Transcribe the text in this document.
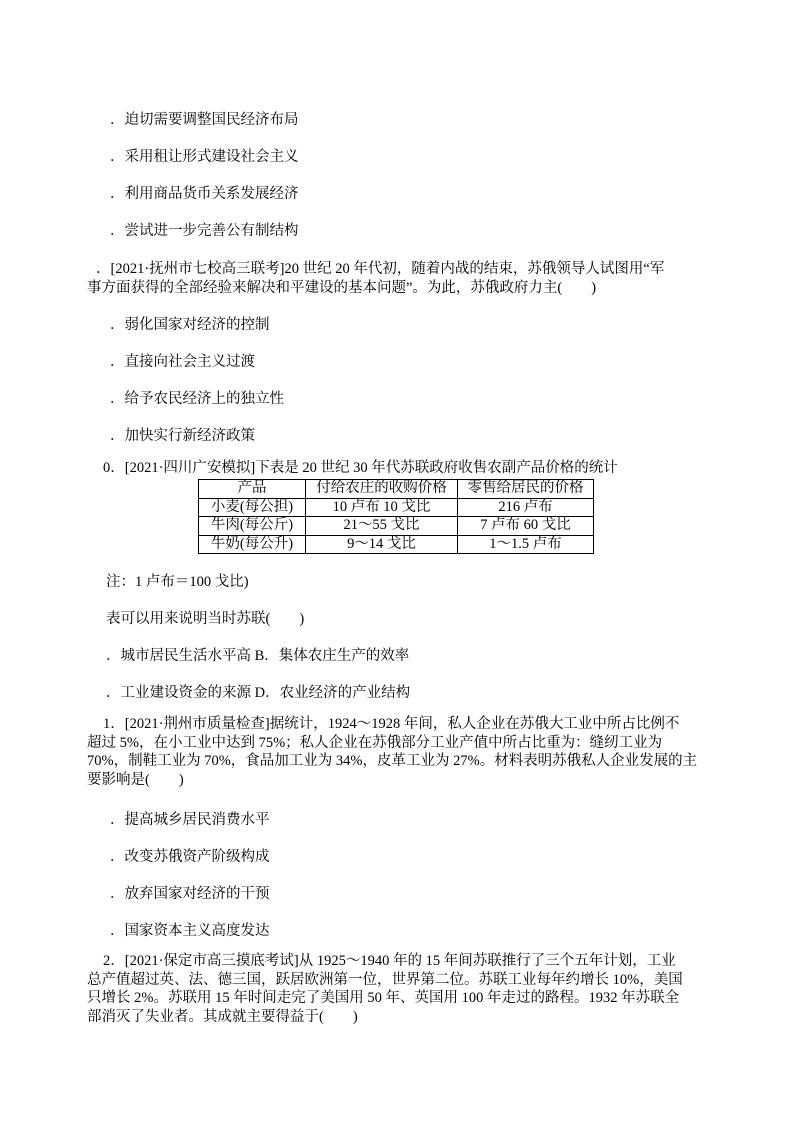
．迫切需要调整国民经济布局
．采用租让形式建设社会主义
．利用商品货币关系发展经济
．尝试进一步完善公有制结构
．[2021·抚州市七校高三联考]20 世纪 20 年代初，随着内战的结束，苏俄领导人试图用“军
事方面获得的全部经验来解决和平建设的基本问题”。为此，苏俄政府力主(　　)
．弱化国家对经济的控制
．直接向社会主义过渡
．给予农民经济上的独立性
．加快实行新经济政策
0．[2021·四川广安模拟]下表是 20 世纪 30 年代苏联政府收售农副产品价格的统计
产品	付给农庄的收购价格	零售给居民的价格
小麦(每公担)	10 卢布 10 戈比	216 卢布
牛肉(每公斤)	21～55 戈比	7 卢布 60 戈比
牛奶(每公升)	9～14 戈比	1～1.5 卢布
注：1 卢布＝100 戈比)
表可以用来说明当时苏联(　　)
．城市居民生活水平高 B．集体农庄生产的效率
．工业建设资金的来源 D．农业经济的产业结构
1．[2021·荆州市质量检查]据统计，1924～1928 年间，私人企业在苏俄大工业中所占比例不
超过 5%，在小工业中达到 75%；私人企业在苏俄部分工业产值中所占比重为：缝纫工业为
70%，制鞋工业为 70%，食品加工业为 34%，皮革工业为 27%。材料表明苏俄私人企业发展的主
要影响是(　　)
．提高城乡居民消费水平
．改变苏俄资产阶级构成
．放弃国家对经济的干预
．国家资本主义高度发达
2．[2021·保定市高三摸底考试]从 1925～1940 年的 15 年间苏联推行了三个五年计划，工业
总产值超过英、法、德三国，跃居欧洲第一位，世界第二位。苏联工业每年约增长 10%，美国
只增长 2%。苏联用 15 年时间走完了美国用 50 年、英国用 100 年走过的路程。1932 年苏联全
部消灭了失业者。其成就主要得益于(　　)
